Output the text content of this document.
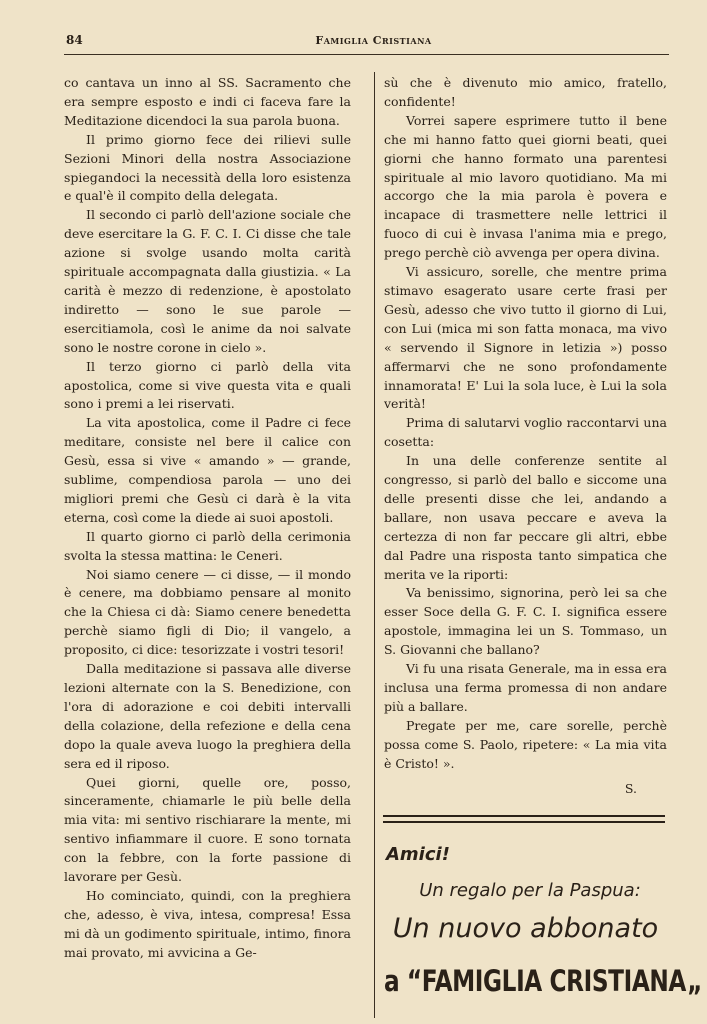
84	Famiglia Cristiana

co cantava un inno al SS. Sacramento che era sempre esposto e indi ci faceva fare la Meditazione dicendoci la sua parola buona.

Il primo giorno fece dei rilievi sulle Sezioni Minori della nostra Associazione spiegandoci la necessità della loro esistenza e qual'è il compito della delegata.

Il secondo ci parlò dell'azione sociale che deve esercitare la G. F. C. I. Ci disse che tale azione si svolge usando molta carità spirituale accompagnata dalla giustizia. « La carità è mezzo di redenzione, è apostolato indiretto — sono le sue parole — esercitiamola, così le anime da noi salvate sono le nostre corone in cielo ».

Il terzo giorno ci parlò della vita apostolica, come si vive questa vita e quali sono i premi a lei riservati.

La vita apostolica, come il Padre ci fece meditare, consiste nel bere il calice con Gesù, essa si vive « amando » — grande, sublime, compendiosa parola — uno dei migliori premi che Gesù ci darà è la vita eterna, così come la diede ai suoi apostoli.

Il quarto giorno ci parlò della cerimonia svolta la stessa mattina: le Ceneri.

Noi siamo cenere — ci disse, — il mondo è cenere, ma dobbiamo pensare al monito che la Chiesa ci dà: Siamo cenere benedetta perchè siamo figli di Dio; il vangelo, a proposito, ci dice: tesorizzate i vostri tesori!

Dalla meditazione si passava alle diverse lezioni alternate con la S. Benedizione, con l'ora di adorazione e coi debiti intervalli della colazione, della refezione e della cena dopo la quale aveva luogo la preghiera della sera ed il riposo.

Quei giorni, quelle ore, posso, sinceramente, chiamarle le più belle della mia vita: mi sentivo rischiarare la mente, mi sentivo infiammare il cuore. E sono tornata con la febbre, con la forte passione di lavorare per Gesù.

Ho cominciato, quindi, con la preghiera che, adesso, è viva, intesa, compresa! Essa mi dà un godimento spirituale, intimo, finora mai provato, mi avvicina a Ge-

sù che è divenuto mio amico, fratello, confidente!

Vorrei sapere esprimere tutto il bene che mi hanno fatto quei giorni beati, quei giorni che hanno formato una parentesi spirituale al mio lavoro quotidiano. Ma mi accorgo che la mia parola è povera e incapace di trasmettere nelle lettrici il fuoco di cui è invasa l'anima mia e prego, prego perchè ciò avvenga per opera divina.

Vi assicuro, sorelle, che mentre prima stimavo esagerato usare certe frasi per Gesù, adesso che vivo tutto il giorno di Lui, con Lui (mica mi son fatta monaca, ma vivo « servendo il Signore in letizia ») posso affermarvi che ne sono profondamente innamorata! E' Lui la sola luce, è Lui la sola verità!

Prima di salutarvi voglio raccontarvi una cosetta:

In una delle conferenze sentite al congresso, si parlò del ballo e siccome una delle presenti disse che lei, andando a ballare, non usava peccare e aveva la certezza di non far peccare gli altri, ebbe dal Padre una risposta tanto simpatica che merita ve la riporti:

Va benissimo, signorina, però lei sa che esser Soce della G. F. C. I. significa essere apostole, immagina lei un S. Tommaso, un S. Giovanni che ballano?

Vi fu una risata Generale, ma in essa era inclusa una ferma promessa di non andare più a ballare.

Pregate per me, care sorelle, perchè possa come S. Paolo, ripetere: « La mia vita è Cristo! ».

S.
Amici!
Un regalo per la Paspua:
Un nuovo abbonato
a “FAMIGLIA CRISTIANA„
